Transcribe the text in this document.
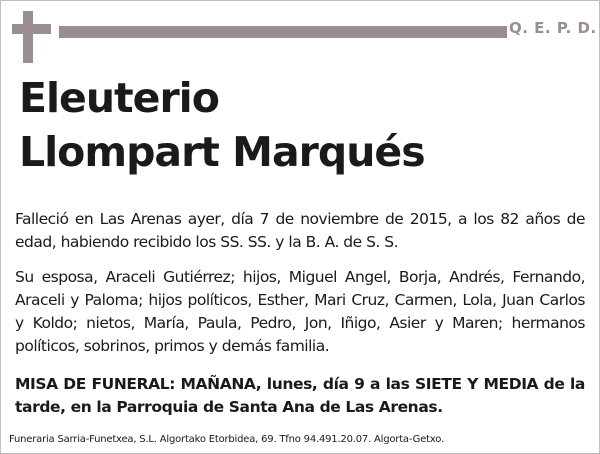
Q. E. P. D.
Eleuterio
Llompart Marqués
Falleció en Las Arenas ayer, día 7 de noviembre de 2015, a los 82 años de edad, habiendo recibido los SS. SS. y la B. A. de S. S.
Su esposa, Araceli Gutiérrez; hijos, Miguel Angel, Borja, Andrés, Fernando, Araceli y Paloma; hijos políticos, Esther, Mari Cruz, Carmen, Lola, Juan Carlos y Koldo; nietos, María, Paula, Pedro, Jon, Iñigo, Asier y Maren; hermanos políticos, sobrinos, primos y demás familia.
MISA DE FUNERAL: MAÑANA, lunes, día 9 a las SIETE Y MEDIA de la tarde, en la Parroquia de Santa Ana de Las Arenas.
Funeraria Sarria-Funetxea, S.L. Algortako Etorbidea, 69. Tfno 94.491.20.07. Algorta-Getxo.
